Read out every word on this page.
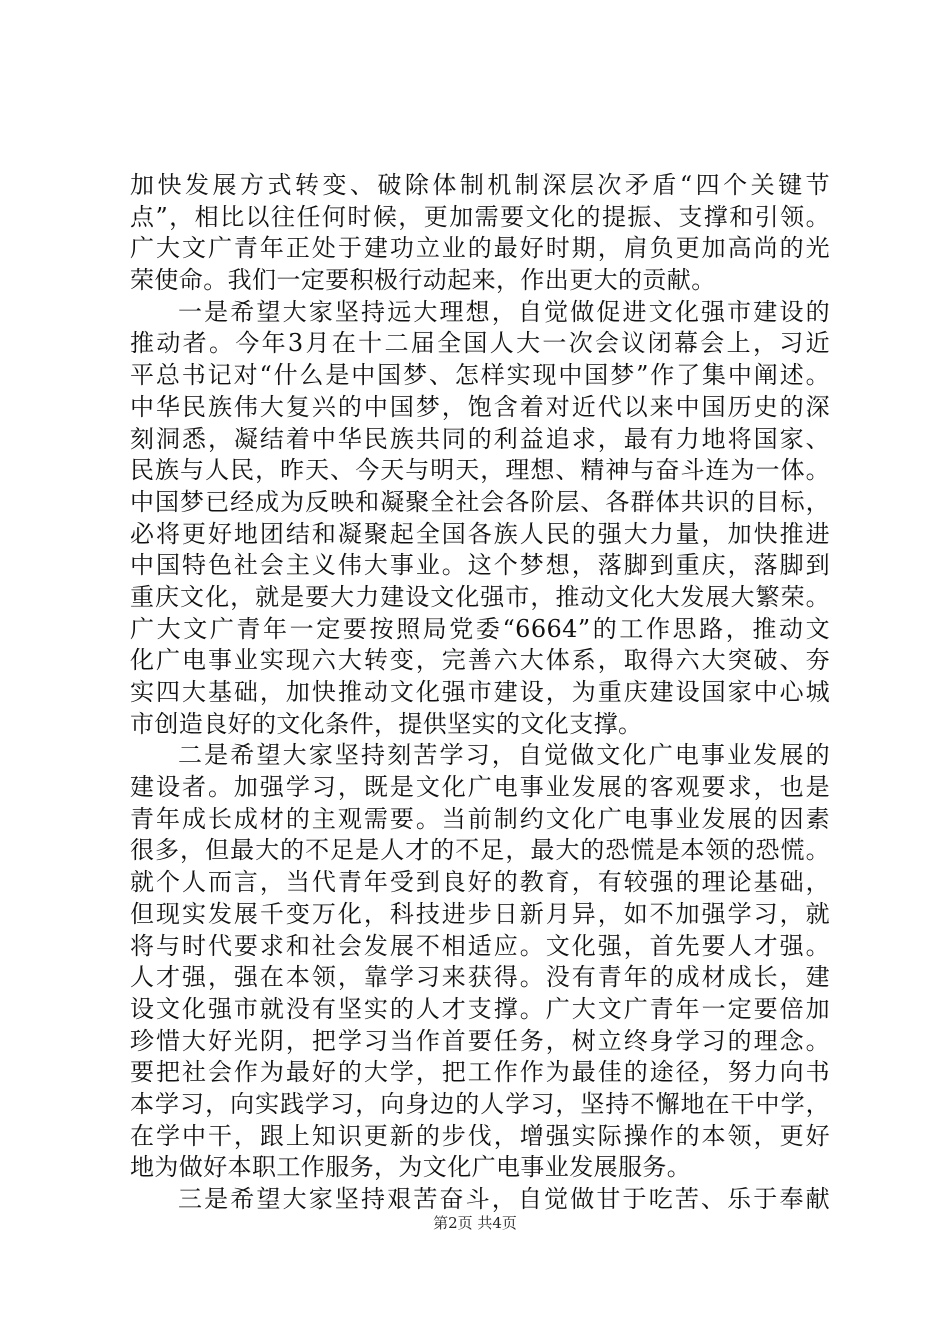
加快发展方式转变、破除体制机制深层次矛盾“四个关键节
点”，相比以往任何时候，更加需要文化的提振、支撑和引领。
广大文广青年正处于建功立业的最好时期，肩负更加高尚的光
荣使命。我们一定要积极行动起来，作出更大的贡献。
一是希望大家坚持远大理想，自觉做促进文化强市建设的
推动者。今年3月在十二届全国人大一次会议闭幕会上，习近
平总书记对“什么是中国梦、怎样实现中国梦”作了集中阐述。
中华民族伟大复兴的中国梦，饱含着对近代以来中国历史的深
刻洞悉，凝结着中华民族共同的利益追求，最有力地将国家、
民族与人民，昨天、今天与明天，理想、精神与奋斗连为一体。
中国梦已经成为反映和凝聚全社会各阶层、各群体共识的目标，
必将更好地团结和凝聚起全国各族人民的强大力量，加快推进
中国特色社会主义伟大事业。这个梦想，落脚到重庆，落脚到
重庆文化，就是要大力建设文化强市，推动文化大发展大繁荣。
广大文广青年一定要按照局党委“6664”的工作思路，推动文
化广电事业实现六大转变，完善六大体系，取得六大突破、夯
实四大基础，加快推动文化强市建设，为重庆建设国家中心城
市创造良好的文化条件，提供坚实的文化支撑。
二是希望大家坚持刻苦学习，自觉做文化广电事业发展的
建设者。加强学习，既是文化广电事业发展的客观要求，也是
青年成长成材的主观需要。当前制约文化广电事业发展的因素
很多，但最大的不足是人才的不足，最大的恐慌是本领的恐慌。
就个人而言，当代青年受到良好的教育，有较强的理论基础，
但现实发展千变万化，科技进步日新月异，如不加强学习，就
将与时代要求和社会发展不相适应。文化强，首先要人才强。
人才强，强在本领，靠学习来获得。没有青年的成材成长，建
设文化强市就没有坚实的人才支撑。广大文广青年一定要倍加
珍惜大好光阴，把学习当作首要任务，树立终身学习的理念。
要把社会作为最好的大学，把工作作为最佳的途径，努力向书
本学习，向实践学习，向身边的人学习，坚持不懈地在干中学，
在学中干，跟上知识更新的步伐，增强实际操作的本领，更好
地为做好本职工作服务，为文化广电事业发展服务。
三是希望大家坚持艰苦奋斗，自觉做甘于吃苦、乐于奉献
第2页 共4页
